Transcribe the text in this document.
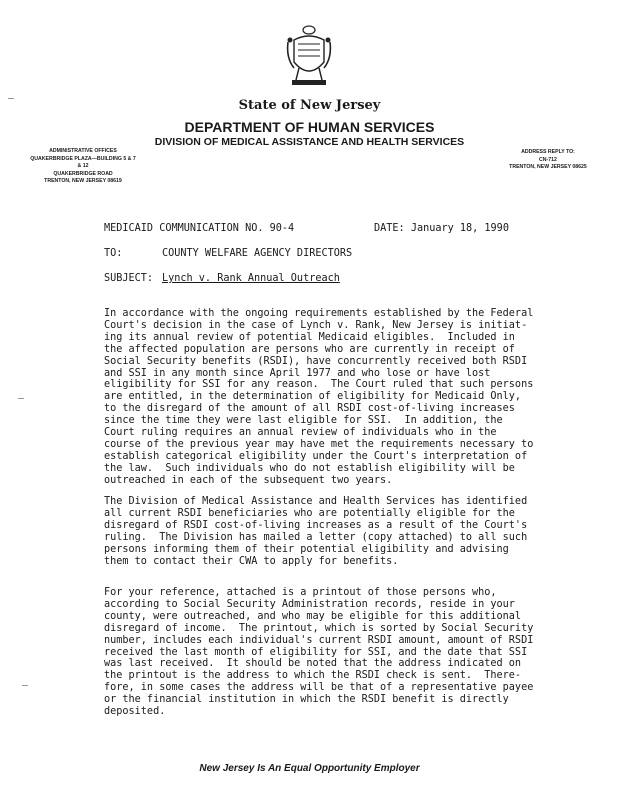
State of New Jersey
DEPARTMENT OF HUMAN SERVICES
DIVISION OF MEDICAL ASSISTANCE AND HEALTH SERVICES
ADMINISTRATIVE OFFICES
QUAKERBRIDGE PLAZA—BUILDING 5 & 7 & 12
QUAKERBRIDGE ROAD
TRENTON, NEW JERSEY 08619
ADDRESS REPLY TO:
CN-712
TRENTON, NEW JERSEY 08625
MEDICAID COMMUNICATION NO. 90-4	DATE: January 18, 1990
TO:	COUNTY WELFARE AGENCY DIRECTORS
SUBJECT: Lynch v. Rank Annual Outreach
In accordance with the ongoing requirements established by the Federal
Court's decision in the case of Lynch v. Rank, New Jersey is initiat-
ing its annual review of potential Medicaid eligibles.  Included in
the affected population are persons who are currently in receipt of
Social Security benefits (RSDI), have concurrently received both RSDI
and SSI in any month since April 1977 and who lose or have lost
eligibility for SSI for any reason.  The Court ruled that such persons
are entitled, in the determination of eligibility for Medicaid Only,
to the disregard of the amount of all RSDI cost-of-living increases
since the time they were last eligible for SSI.  In addition, the
Court ruling requires an annual review of individuals who in the
course of the previous year may have met the requirements necessary to
establish categorical eligibility under the Court's interpretation of
the law.  Such individuals who do not establish eligibility will be
outreached in each of the subsequent two years.
The Division of Medical Assistance and Health Services has identified
all current RSDI beneficiaries who are potentially eligible for the
disregard of RSDI cost-of-living increases as a result of the Court's
ruling.  The Division has mailed a letter (copy attached) to all such
persons informing them of their potential eligibility and advising
them to contact their CWA to apply for benefits.
For your reference, attached is a printout of those persons who,
according to Social Security Administration records, reside in your
county, were outreached, and who may be eligible for this additional
disregard of income.  The printout, which is sorted by Social Security
number, includes each individual's current RSDI amount, amount of RSDI
received the last month of eligibility for SSI, and the date that SSI
was last received.  It should be noted that the address indicated on
the printout is the address to which the RSDI check is sent.  There-
fore, in some cases the address will be that of a representative payee
or the financial institution in which the RSDI benefit is directly
deposited.
New Jersey Is An Equal Opportunity Employer
